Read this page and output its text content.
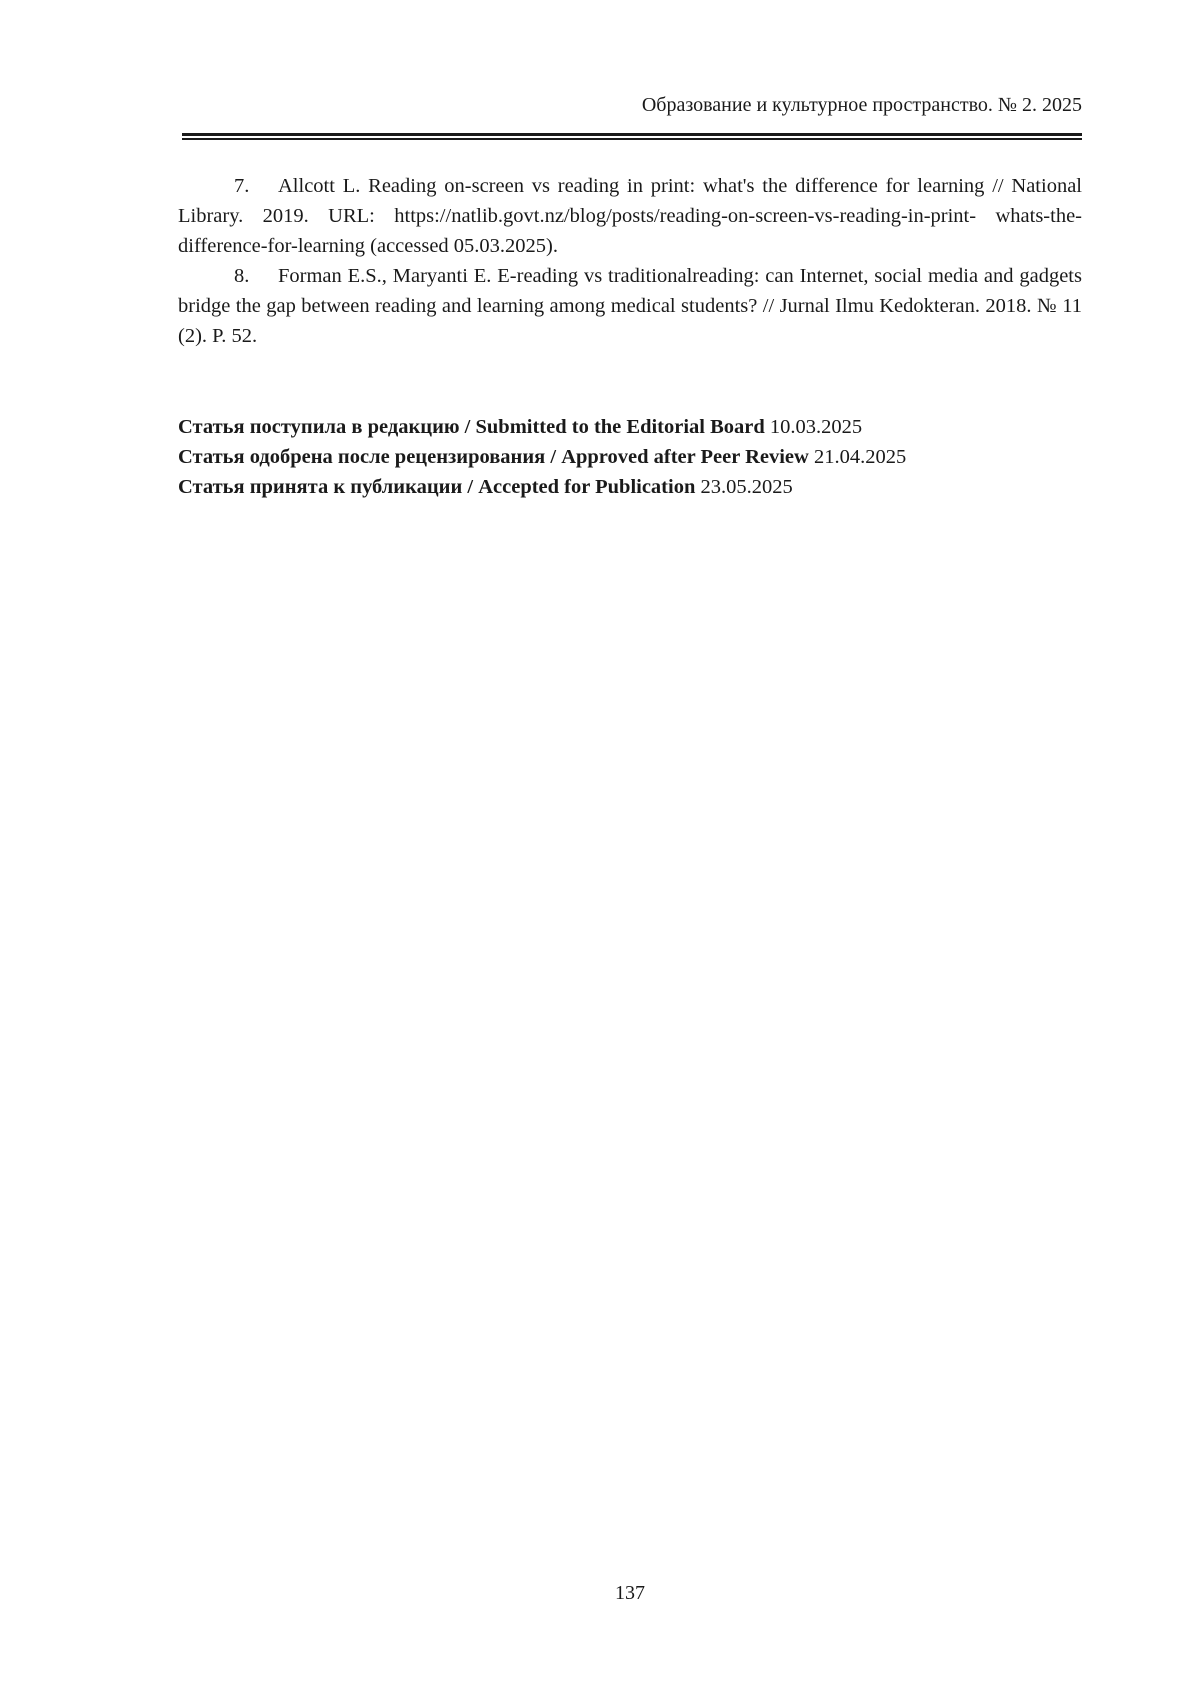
Образование и культурное пространство. № 2. 2025

7. Allcott L. Reading on-screen vs reading in print: what's the difference for learning // National Library. 2019. URL: https://natlib.govt.nz/blog/posts/reading-on-screen-vs-reading-in-print- whats-the-difference-for-learning (accessed 05.03.2025).

8. Forman E.S., Maryanti E. E-reading vs traditionalreading: can Internet, social media and gadgets bridge the gap between reading and learning among medical students? // Jurnal Ilmu Kedokteran. 2018. № 11 (2). P. 52.

Статья поступила в редакцию / Submitted to the Editorial Board 10.03.2025

Статья одобрена после рецензирования / Approved after Peer Review 21.04.2025

Статья принята к публикации / Accepted for Publication 23.05.2025

137
